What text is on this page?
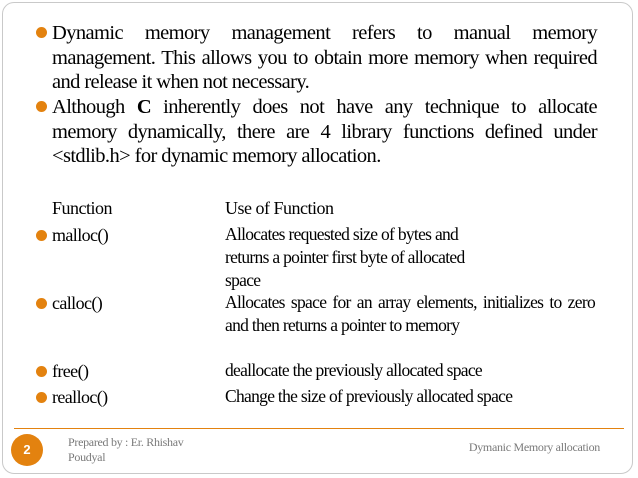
Dynamic memory management refers to manual memory management. This allows you to obtain more memory when required and release it when not necessary.
Although C inherently does not have any technique to allocate memory dynamically, there are 4 library functions defined under <stdlib.h> for dynamic memory allocation.
Function	Use of Function
malloc()	Allocates requested size of bytes and returns a pointer first byte of allocated space
calloc()	Allocates space for an array elements, initializes to zero and then returns a pointer to memory
free()	deallocate the previously allocated space
realloc()	Change the size of previously allocated space
2	Prepared by : Er. Rhishav Poudyal
Dymanic Memory allocation
